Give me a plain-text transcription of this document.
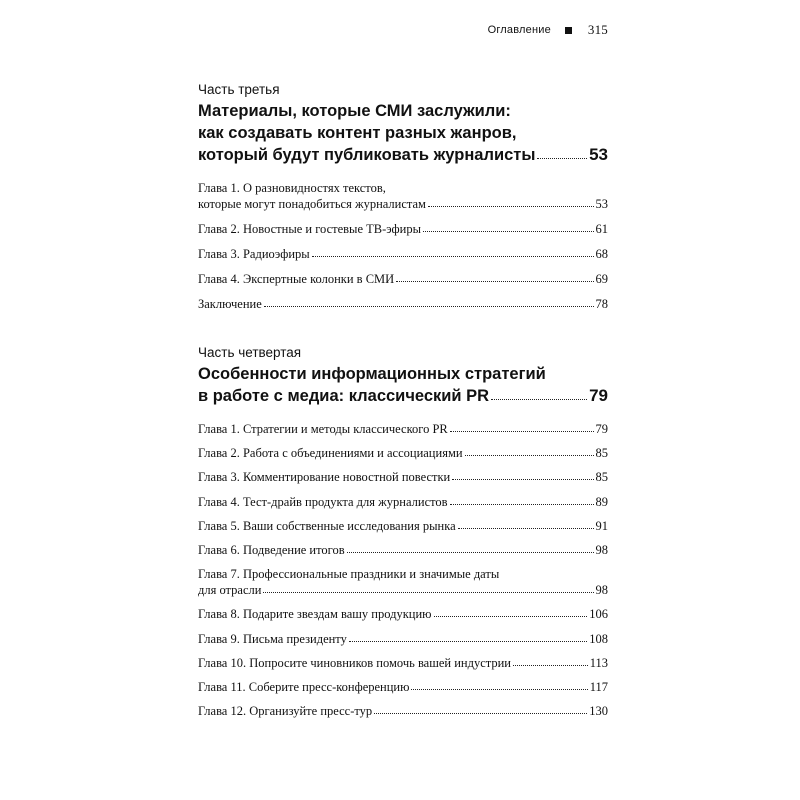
Оглавление	315
Часть третья
Материалы, которые СМИ заслужили:
как создавать контент разных жанров,
который будут публиковать журналисты	53
Глава 1. О разновидностях текстов,
которые могут понадобиться журналистам	53
Глава 2. Новостные и гостевые ТВ-эфиры	61
Глава 3. Радиоэфиры	68
Глава 4. Экспертные колонки в СМИ	69
Заключение	78
Часть четвертая
Особенности информационных стратегий
в работе с медиа: классический PR	79
Глава 1. Стратегии и методы классического PR	79
Глава 2. Работа с объединениями и ассоциациями	85
Глава 3. Комментирование новостной повестки	85
Глава 4. Тест-драйв продукта для журналистов	89
Глава 5. Ваши собственные исследования рынка	91
Глава 6. Подведение итогов	98
Глава 7. Профессиональные праздники и значимые даты
для отрасли	98
Глава 8. Подарите звездам вашу продукцию	106
Глава 9. Письма президенту	108
Глава 10. Попросите чиновников помочь вашей индустрии	113
Глава 11. Соберите пресс-конференцию	117
Глава 12. Организуйте пресс-тур	130
